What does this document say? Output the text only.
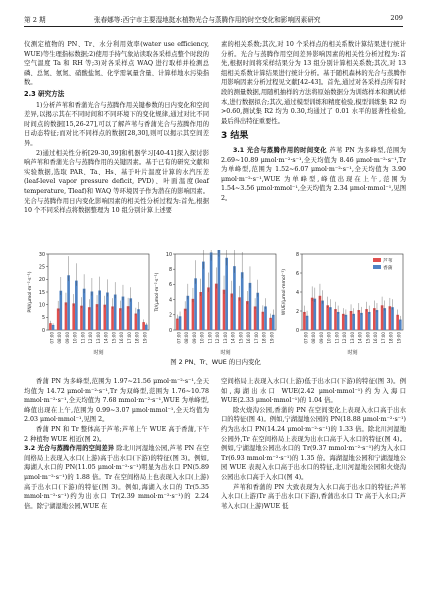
第 2 期	张春娜等:西宁市主要湿地挺水植物光合与蒸腾作用的时空变化和影响因素研究	209

仪测定植物的 PN、Tr、水分利用效率(water use efficiency, WUE)等生理指标数据;2)使用手持气象站读取各采样点整个时段的空气温度 Ta 和 RH 等;3)对各采样点 WAQ 进行取样并检测总磷、总氮、氨氮、硝酸盐氮、化学需氧量含量、计算样地水污染指数。

2.3 研究方法

1)分析芦苇和香蒲光合与蒸腾作用关键参数的日内变化和空间差异,以揭示其在不同时间和不同环境下的变化规律,通过对比不同时间点的数据[15,26-27],可以了解芦苇与香蒲光合与蒸腾作用的日动态特征;而对比不同样点的数据[28,30],则可以揭示其空间差异。

2)通过相关性分析[29-30,39]和机器学习[40-41]探入探讨影响芦苇和香蒲光合与蒸腾作用的关键因素。基于已有的研究文献和实验数据,选取 PAR、Ta、Hs、基于叶片温度计算的水汽压差(leaf-level vapor pressure deficit, PVD)、叶面温度(leaf temperature, Tleaf)和 WAQ 等环境因子作为潜在的影响因素。光合与蒸腾作用日内变化影响因素的相关性分析过程为:首先,根据 10 个不同采样点将数据整理为 10 组分别计算上述要

素的相关系数;其次,对 10 个采样点的相关系数计算结果进行统计分析。光合与蒸腾作用空间差异影响因素的相关性分析过程为:首先,根据时间将采样结果分为 13 组分别计算相关系数;其次,对 13 组相关系数计算结果进行统计分析。基于随机森林的光合与蒸腾作用影响因素分析过程见文献[42-43]。首先,通过对各采样点所有时段的测量数据,用随机抽样的方法将原始数据分为训练样本和测试样本,进行数据拟合;其次,通过模型训练和精度检验,模型训练集 R2 均>0.60,测试集 R2 均为 0.30,均通过了 0.01 水平的显著性检验,最后得出特征重要性。

3 结果

3.1 光合与蒸腾作用的时间变化 芦苇 PN 为多峰型,范围为 2.69~10.89 μmol·m⁻²·s⁻¹,全天均值为 8.46 μmol·m⁻²·s⁻¹,Tr 为单峰型,范围为 1.52~6.07 μmol·m⁻²·s⁻¹,全天均值为 3.90 μmol·m⁻²·s⁻¹,WUE 为单峰型,峰值出现在上午,范围为 1.54~3.56 μmol·mmol⁻¹,全天均值为 2.34 μmol·mmol⁻¹,见图 2。

30
25
20
15
10
5
0
PN/(μmol·m⁻²·s⁻¹)
07:00 08:00 09:00 10:00 11:00 12:00 13:00 14:00 15:00 16:00 17:00 18:00 19:00
时刻
10
8
6
4
2
0
Tr/(μmol·m⁻²·s⁻¹)
07:00 08:00 09:00 10:00 11:00 12:00 13:00 14:00 15:00 16:00 17:00 18:00 19:00
时刻
8
6
4
2
0
WUE/(μmol·mmol⁻¹)
07:00 08:00 09:00 10:00 11:00 12:00 13:00 14:00 15:00 16:00 17:00 18:00 19:00
时刻
芦苇
香蒲
图 2 PN、Tr、WUE 的日内变化

香蒲 PN 为多峰型,范围为 1.97~21.56 μmol·m⁻²·s⁻¹,全天均值为 14.72 μmol·m⁻²·s⁻¹,Tr 为双峰型,范围为 1.76~10.78 mmol·m⁻²·s⁻¹,全天均值为 7.68 mmol·m⁻²·s⁻¹,WUE 为单峰型,峰值出现在上午,范围为 0.99~3.07 μmol·mmol⁻¹,全天均值为 2.03 μmol·mmol⁻¹,见图 2。

香蒲 PN 和 Tr 整体高于芦苇;芦苇上午 WUE 高于香蒲,下午 2 种植物 WUE 相近(图 2)。

3.2 光合与蒸腾作用的空间差异 除北川河湿地公园,芦苇 PN 在空间格局上表现入水口(上游)高于出水口(下游)的特征(图 3)。例如,海湖人水口的 PN(11.05 μmol·m⁻²·s⁻¹)明显为出水口 PN(5.89 μmol·m⁻²·s⁻¹)的 1.88 倍。Tr 在空间格局上也表现入水口(上游)高于出水口(下游)的特征(图 3)。例如,海湖入水口的 Tr(5.35 mmol·m⁻²·s⁻¹)约为出水口 Tr(2.39 mmol·m⁻²·s⁻¹)的 2.24 倍。除宁湖湿地公园,WUE 在

空间格局上表现入水口(上游)低于出水口(下游)的特征(图 3)。例如,海湖出水口 WUE(2.42 μmol·mmol⁻¹)约为入海口 WUE(2.33 μmol·mmol⁻¹)的 1.04 倍。

除火烧沟公园,香蒲的 PN 在空间变化上表现入水口高于出水口的特征(图 4)。例如,宁湖湿地公园的 PN(18.88 μmol·m⁻²·s⁻¹)约为出水口 PN(14.24 μmol·m⁻²·s⁻¹)的 1.33 倍。除北川河湿地公园外,Tr 在空间格局上表现为出水口高于入水口的特征(图 4)。例如,宁湖湿地公园出水口的 Tr(9.37 mmol·m⁻²·s⁻¹)约为入水口 Tr(6.93 mmol·m⁻²·s⁻¹)的 1.35 倍。海湖湿地公园和宁湖湿地公园 WUE 表现入水口高于出水口的特征,北川河湿地公园和火烧沟公园出水口高于入水口(图 4)。

芦苇和香蒲的 PN 大致表现为入水口高于出水口的特征;芦苇入水口(上游)Tr 高于出水口(下游),香蒲出水口 Tr 高于入水口;芦苇入水口(上游)WUE 低
